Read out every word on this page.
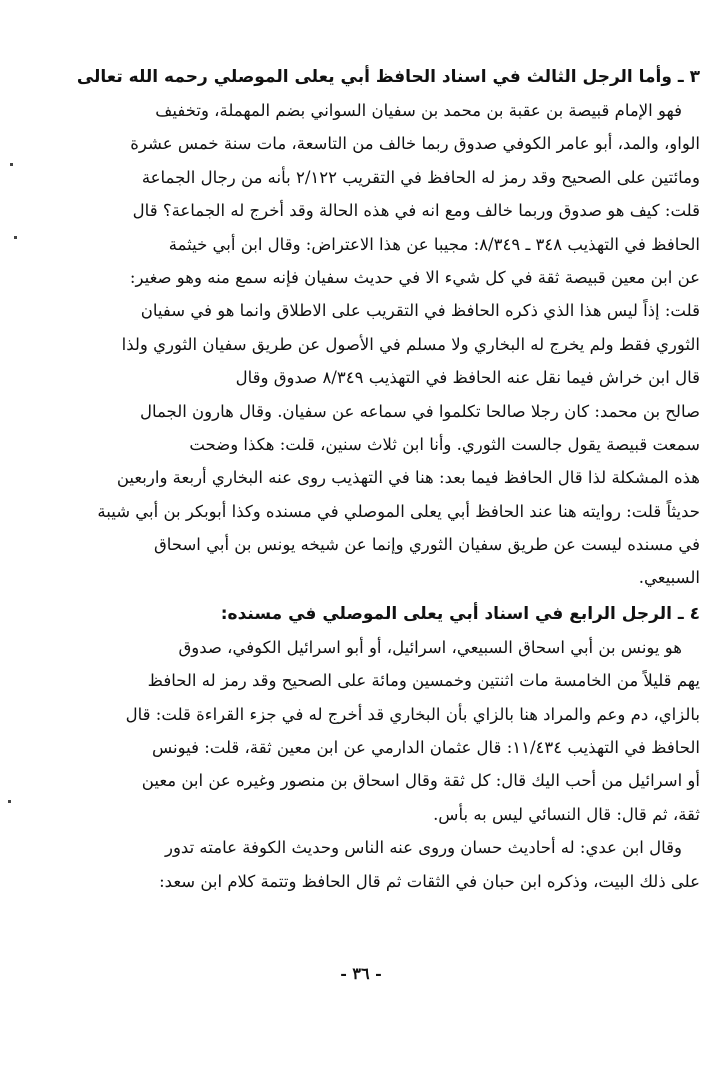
٣ ـ وأما الرجل الثالث في اسناد الحافظ أبي يعلى الموصلي رحمه الله تعالى
فهو الإمام قبيصة بن عقبة بن محمد بن سفيان السواني بضم المهملة، وتخفيف
الواو، والمد، أبو عامر الكوفي صدوق ربما خالف من التاسعة، مات سنة خمس عشرة
ومائتين على الصحيح وقد رمز له الحافظ في التقريب ٢/١٢٢ بأنه من رجال الجماعة
قلت: كيف هو صدوق وربما خالف ومع انه في هذه الحالة وقد أخرج له الجماعة؟ قال
الحافظ في التهذيب ٣٤٨ ـ ٨/٣٤٩: مجيبا عن هذا الاعتراض: وقال ابن أبي خيثمة
عن ابن معين قبيصة ثقة في كل شيء الا في حديث سفيان فإنه سمع منه وهو صغير:
قلت: إذاً ليس هذا الذي ذكره الحافظ في التقريب على الاطلاق وانما هو في سفيان
الثوري فقط ولم يخرج له البخاري ولا مسلم في الأصول عن طريق سفيان الثوري ولذا
قال ابن خراش فيما نقل عنه الحافظ في التهذيب ٨/٣٤٩ صدوق وقال
صالح بن محمد: كان رجلا صالحا تكلموا في سماعه عن سفيان. وقال هارون الجمال
سمعت قبيصة يقول جالست الثوري. وأنا ابن ثلاث سنين، قلت: هكذا وضحت
هذه المشكلة لذا قال الحافظ فيما بعد: هنا في التهذيب روى عنه البخاري أربعة واربعين
حديثاً قلت: روايته هنا عند الحافظ أبي يعلى الموصلي في مسنده وكذا أبوبكر بن أبي شيبة
في مسنده ليست عن طريق سفيان الثوري وإنما عن شيخه يونس بن أبي اسحاق
السبيعي.
٤ ـ الرجل الرابع في اسناد أبي يعلى الموصلي في مسنده:
هو يونس بن أبي اسحاق السبيعي، اسرائيل، أو أبو اسرائيل الكوفي، صدوق
يهم قليلاً من الخامسة مات اثنتين وخمسين ومائة على الصحيح وقد رمز له الحافظ
بالزاي، دم وعم والمراد هنا بالزاي بأن البخاري قد أخرج له في جزء القراءة قلت: قال
الحافظ في التهذيب ١١/٤٣٤: قال عثمان الدارمي عن ابن معين ثقة، قلت: فيونس
أو اسرائيل من أحب اليك قال: كل ثقة وقال اسحاق بن منصور وغيره عن ابن معين
ثقة، ثم قال: قال النسائي ليس به بأس.
وقال ابن عدي: له أحاديث حسان وروى عنه الناس وحديث الكوفة عامته تدور
على ذلك البيت، وذكره ابن حبان في الثقات ثم قال الحافظ وتتمة كلام ابن سعد:
- ٣٦ -
